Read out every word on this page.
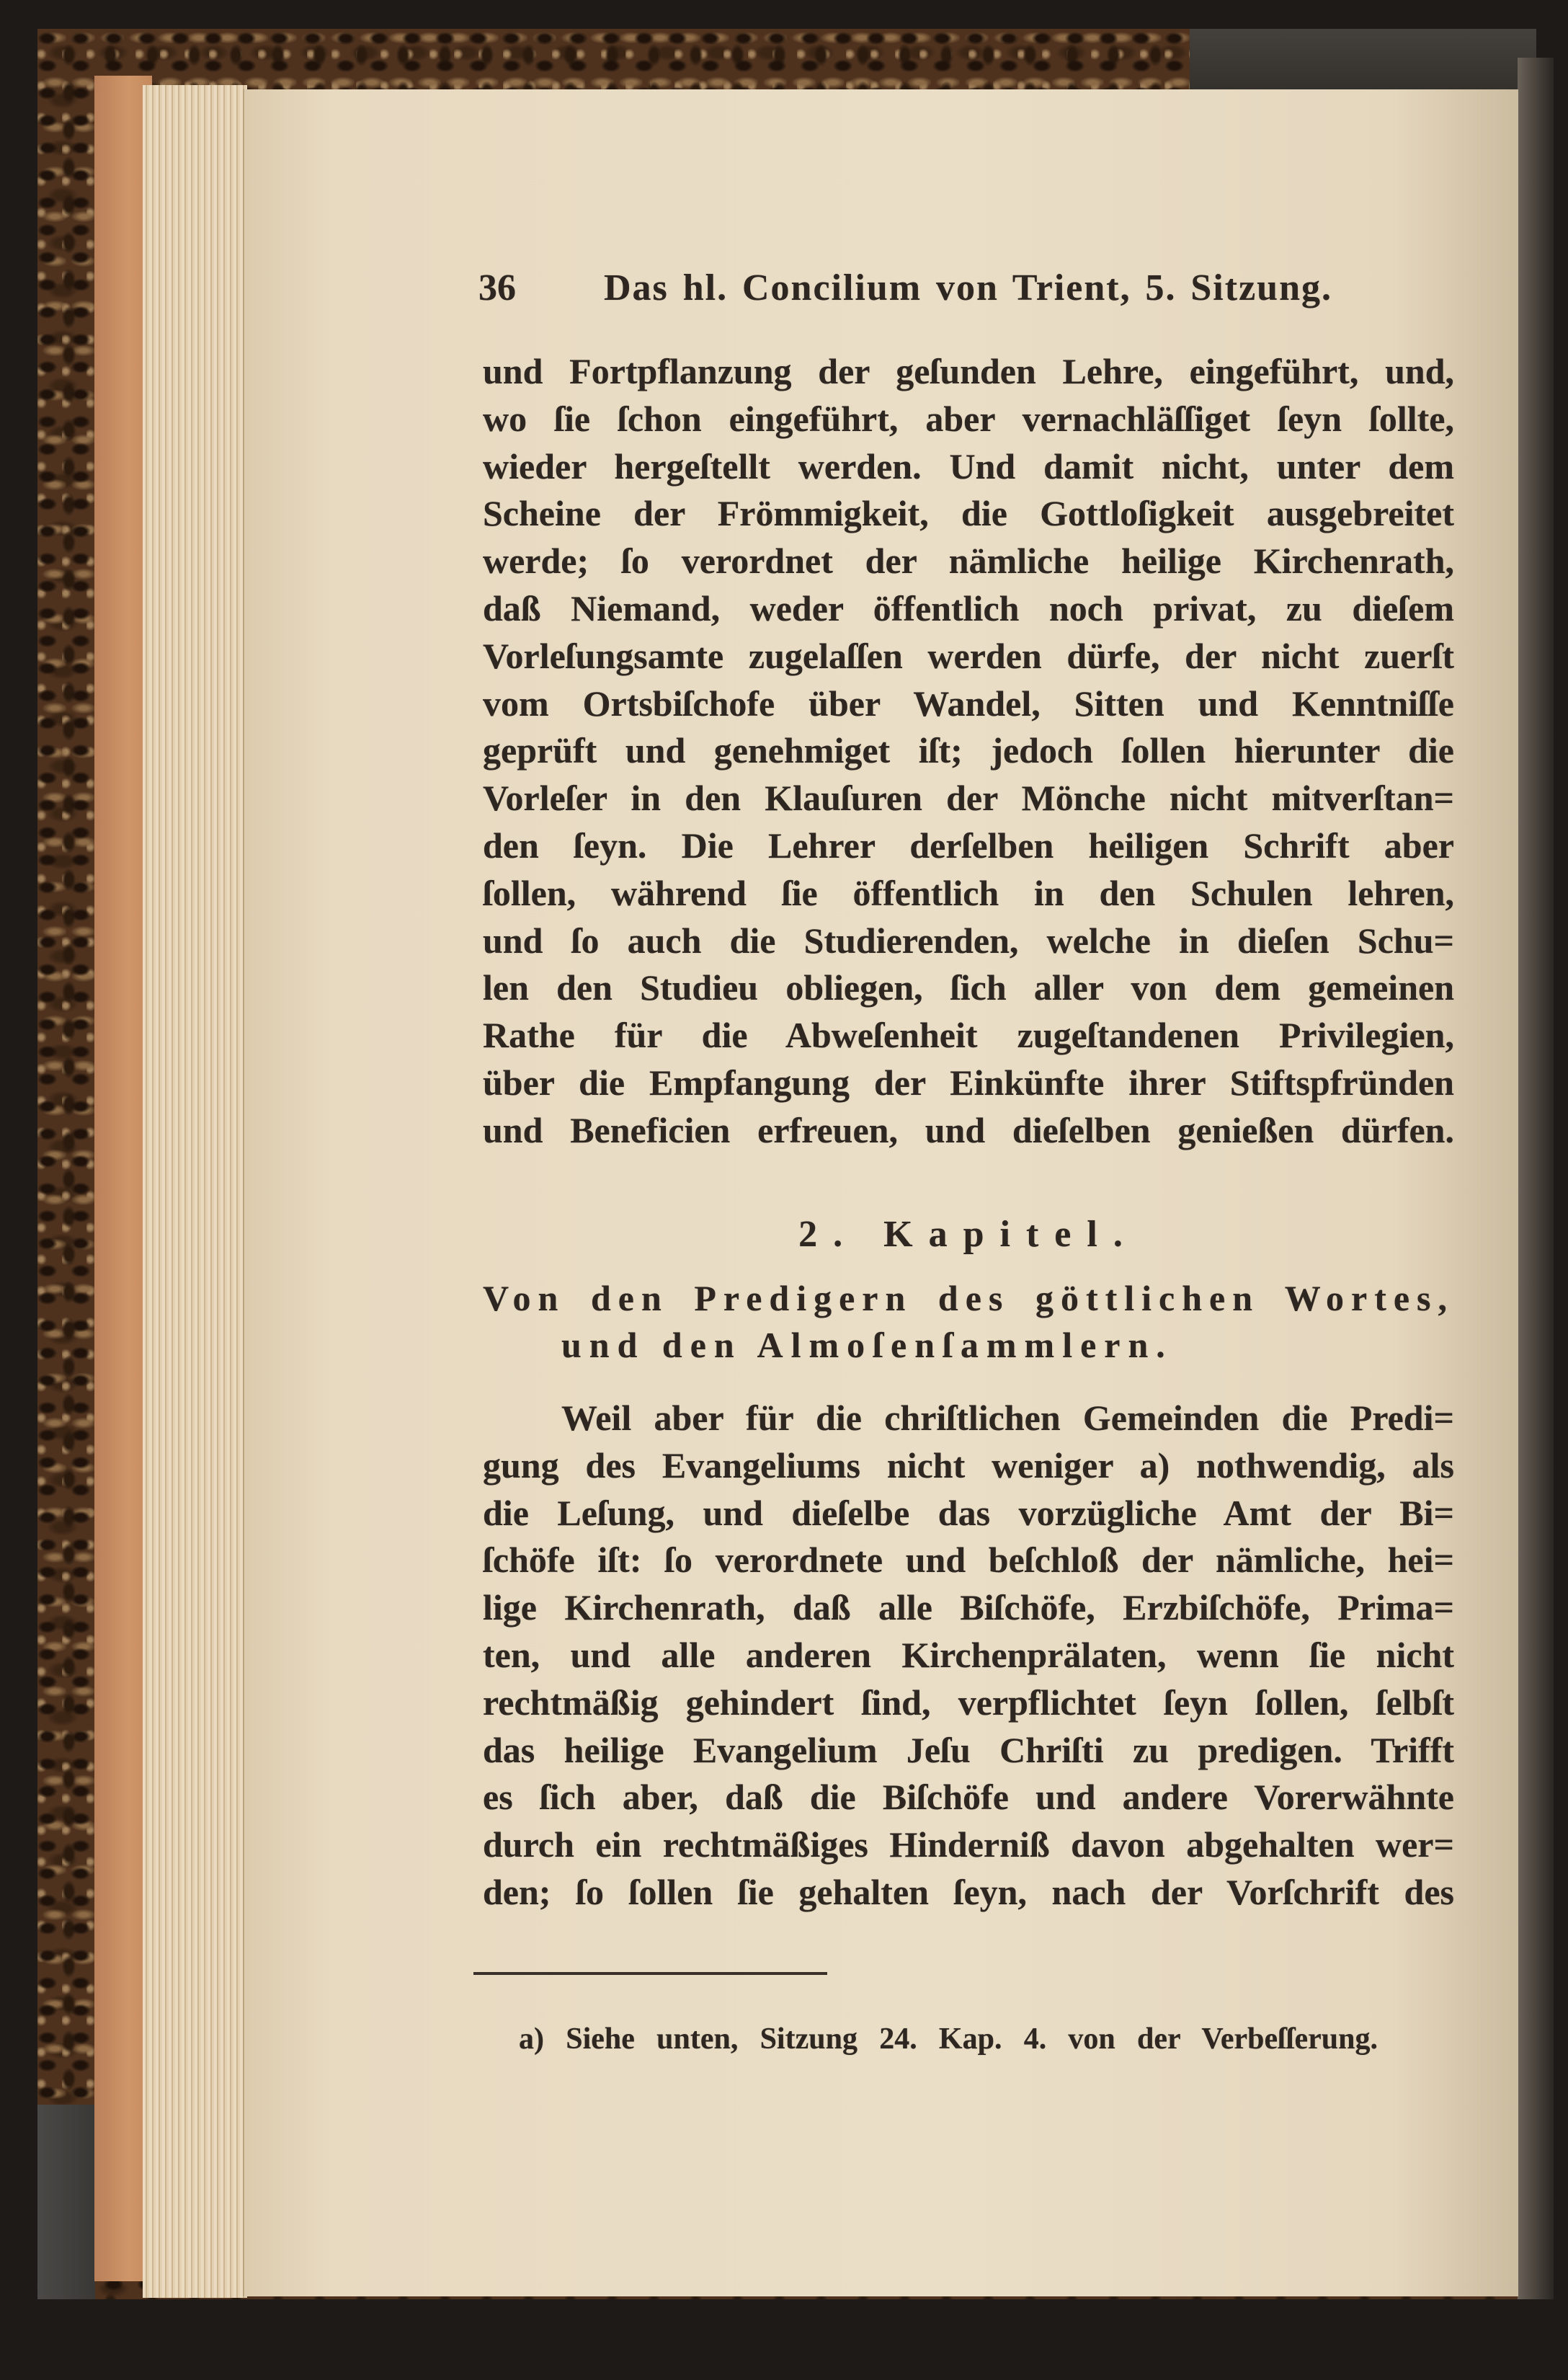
36 Das hl. Concilium von Trient, 5. Sitzung.
und Fortpflanzung der geſunden Lehre, eingeführt, und,
wo ſie ſchon eingeführt, aber vernachläſſiget ſeyn ſollte,
wieder hergeſtellt werden. Und damit nicht, unter dem
Scheine der Frömmigkeit, die Gottloſigkeit ausgebreitet
werde; ſo verordnet der nämliche heilige Kirchenrath,
daß Niemand, weder öffentlich noch privat, zu dieſem
Vorleſungsamte zugelaſſen werden dürfe, der nicht zuerſt
vom Ortsbiſchofe über Wandel, Sitten und Kenntniſſe
geprüft und genehmiget iſt; jedoch ſollen hierunter die
Vorleſer in den Klauſuren der Mönche nicht mitverſtan=
den ſeyn. Die Lehrer derſelben heiligen Schrift aber
ſollen, während ſie öffentlich in den Schulen lehren,
und ſo auch die Studierenden, welche in dieſen Schu=
len den Studieu obliegen, ſich aller von dem gemeinen
Rathe für die Abweſenheit zugeſtandenen Privilegien,
über die Empfangung der Einkünfte ihrer Stiftspfründen
und Beneficien erfreuen, und dieſelben genießen dürfen.
2. Kapitel.
Von den Predigern des göttlichen Wortes,
und den Almoſenſammlern.
Weil aber für die chriſtlichen Gemeinden die Predi=
gung des Evangeliums nicht weniger a) nothwendig, als
die Leſung, und dieſelbe das vorzügliche Amt der Bi=
ſchöfe iſt: ſo verordnete und beſchloß der nämliche, hei=
lige Kirchenrath, daß alle Biſchöfe, Erzbiſchöfe, Prima=
ten, und alle anderen Kirchenprälaten, wenn ſie nicht
rechtmäßig gehindert ſind, verpflichtet ſeyn ſollen, ſelbſt
das heilige Evangelium Jeſu Chriſti zu predigen. Trifft
es ſich aber, daß die Biſchöfe und andere Vorerwähnte
durch ein rechtmäßiges Hinderniß davon abgehalten wer=
den; ſo ſollen ſie gehalten ſeyn, nach der Vorſchrift des
a) Siehe unten, Sitzung 24. Kap. 4. von der Verbeſſerung.
